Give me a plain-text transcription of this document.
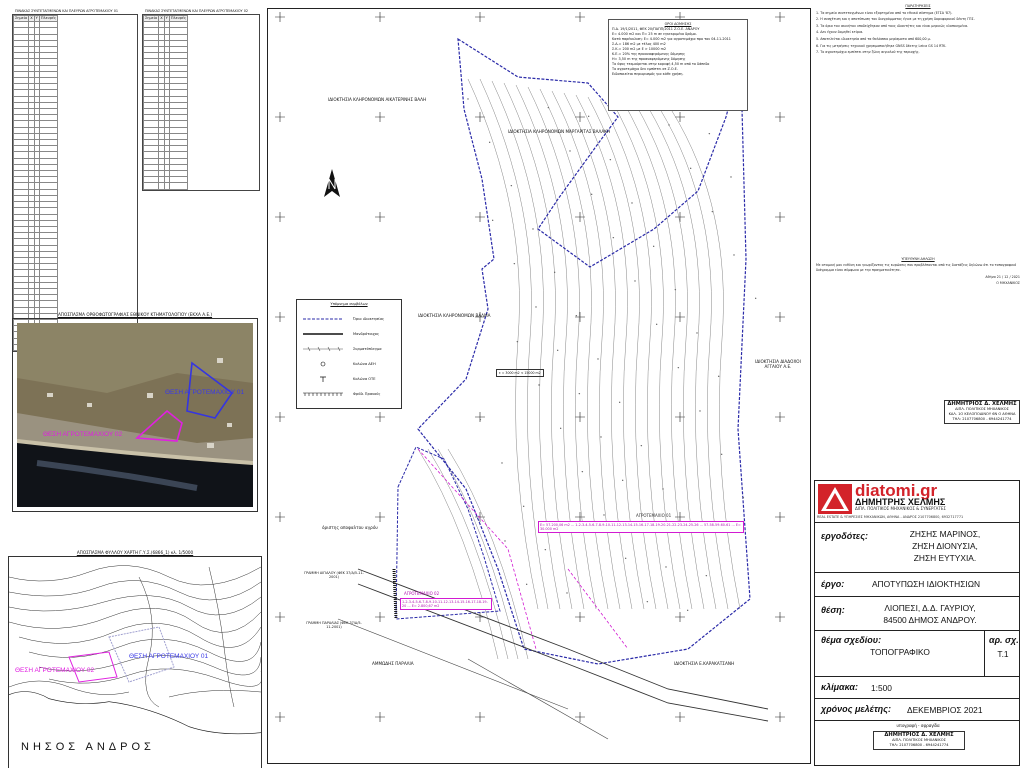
ΠΙΝΑΚΑΣ ΣΥΝΤΕΤΑΓΜΕΝΩΝ ΚΑΙ ΠΛΕΥΡΩΝ ΑΓΡΟΤΕΜΑΧΙΟΥ 01
Σημείο	X	Y	Πλευρές

ΠΙΝΑΚΑΣ ΣΥΝΤΕΤΑΓΜΕΝΩΝ ΚΑΙ ΠΛΕΥΡΩΝ ΑΓΡΟΤΕΜΑΧΙΟΥ 02
Σημείο	X	Y	Πλευρές

ΑΠΟΣΠΑΣΜΑ ΟΡΘΟΦΩΤΟΓΡΑΦΙΑΣ ΕΘΝΙΚΟΥ ΚΤΗΜΑΤΟΛΟΓΙΟΥ (ΕΚΧΑ Α.Ε.)
ΘΕΣΗ ΑΓΡΟΤΕΜΑΧΙΟΥ 01
ΘΕΣΗ ΑΓΡΟΤΕΜΑΧΙΟΥ 02
ΑΠΟΣΠΑΣΜΑ ΦΥΛΛΟΥ ΧΑΡΤΗ Γ.Υ.Σ.(6866_1) κλ. 1/5000
ΘΕΣΗ ΑΓΡΟΤΕΜΑΧΙΟΥ 01
ΘΕΣΗ ΑΓΡΟΤΕΜΑΧΙΟΥ 02
ΝΗΣΟΣ ΑΝΔΡΟΣ
ΟΡΟΙ ΔΟΜΗΣΗΣ
Π.Δ. 19/1/2011, ΦΕΚ 20/ΠΑΠΠ/2011 Ζ.Ο.Ε. ΑΝΔΡΟΥ
Ε= 4.000 m2 και Π= 25 m σε εγκεκριμένο δρόμο.
Κατά παρέκκλιση: Ε= 4.000 m2 για αγροτεμάχια προ του 04-11-2011
Σ.Δ.= 186 m2 με τέλος 400 m2
Σ.Κ.= 200 m2 με Ε > 10000 m2
Κ.Ε.= 20% της προαναφερόμενης δόμησης
Η= 3,50 m της προαναφερόμενης δόμησης
Το ύψος τεκμαίρεται στην κορυφή 4,50 m από το δάπεδο
Το αγροτεμάχιο δεν εμπίπτει σε Ζ.Ο.Ε.
Ειδοποιείται περιορισμός για κάθε χρήση.
Υπόμνημα συμβόλων
Όριο ιδιοκτησίας
Μανδρότοιχος
Συρματόπλεγμα
Κολώνα ΔΕΗ
Κολώνα ΟΤΕ
Φρύδι Πρανούς
ΙΔΙΟΚΤΗΣΙΑ ΚΛΗΡΟΝΟΜΩΝ ΑΙΚΑΤΕΡΙΝΗΣ ΒΑΛΗ
ΙΔΙΟΚΤΗΣΙΑ ΚΛΗΡΟΝΟΜΩΝ ΜΑΡΓΑΡΙΤΑΣ ΒΑΛΑΚΗ
ΙΔΙΟΚΤΗΣΙΑ ΚΛΗΡΟΝΟΜΩΝ ΒΑΛΜΑ
ΙΔΙΟΚΤΗΣΙΑ ΔΙΑΔΟΧΟΙ ΑΓΓΑΙΟΥ Α.Ε.
όριστης αποφαλτου αγρόυ
ΑΜΜΩΔΗΣ ΠΑΡΑΛΙΑ	ΙΔΙΟΚΤΗΣΙΑ Ε.ΚΑΡΑΚΑΤΣΑΝΗ
ε = 3000 m2 < 15000 m2
ΑΓΡΟΤΕΜΑΧΙΟ 01
Ε= 57.200,06 m2 ... 1-2-3-4-5-6-7-8-9-10-11-12-13-14-15-16-17-18-19-20-21-22-23-24-25-26 ... 57-58-59-60-61 ... Ε= 30.000 m2
ΑΓΡΟΤΕΜΑΧΙΟ 02
1-2-3-4-5-6-7-8-9-10-11-12-13-14-15-16-17-18-19-20 ... Ε= 2.800,67 m2
ΓΡΑΜΜΗ ΑΙΓΙΑΛΟΥ (ΦΕΚ 37/Δ/5-11-2001)
ΓΡΑΜΜΗ ΠΑΡΑΛΙΑΣ (ΦΕΚ 37/Δ/5-11-2001)

ΠΑΡΑΤΗΡΗΣΕΙΣ

1. Τα σημεία συντεταγμένων είναι εξαρτημένα από το εθνικό σύστημα (ΕΓΣΑ '87).

2. Η συσχέτιση και η αποτύπωση του διαγράμματος έγινε με τη χρήση δορυφορικού δέκτη ΓΠΣ.

3. Τα όρια του ακινήτου υποδείχθηκαν από τους ιδιοκτήτες και είναι μερικώς υλοποιημένα.

4. Δεν έχουν δομηθεί κτίρια.

5. Αποτελείται ιδιοκτησία από τα θαλάσσιο μερίσματα από 600,00 μ.

6. Για τις μετρήσεις τεχνικού χρησιμοποιήθηκε GNSS δέκτης Leica GS 14 RTK.

7. Το αγροτεμάχιο εμπίπτει στην ζώνη αιγιαλού της περιοχής.

ΥΠΕΥΘΥΝΗ ΔΗΛΩΣΗ

Με ατομική μου ευθύνη και γνωρίζοντας τις κυρώσεις που προβλέπονται από τις διατάξεις δηλώνω ότι το τοπογραφικό διάγραμμα είναι σύμφωνο με την πραγματικότητα.

Αθήνα 21 / 12 / 2021

Ο ΜΗΧΑΝΙΚΟΣ

ΔΗΜΗΤΡΙΟΣ Δ. ΧΕΛΜΗΣ
ΔΙΠΛ. ΠΟΛΙΤΙΚΟΣ ΜΗΧΑΝΙΚΟΣ
ΚΑΛ. 1Ο ΚΕΛΟΠΟΔΙΝΟΥ 6Ν Ο ΑΘΗΝΑ
ΤΗΛ: 2107706800 - 6944241774
diatomi.gr
ΔΗΜΗΤΡΗΣ ΧΕΛΜΗΣ
ΔΙΠΛ. ΠΟΛΙΤΙΚΟΣ ΜΗΧΑΝΙΚΟΣ & ΣΥΝΕΡΓΑΤΕΣ
REAL ESTATE & ΥΠΗΡΕΣΙΕΣ ΜΗΧΑΝΙΚΩΝ, ΑΘΗΝΑ - ΑΝΔΡΟΣ 2107706800, 6932717771
εργοδότες:	ΖΗΣΗΣ ΜΑΡΙΝΟΣ,
ΖΗΣΗ ΔΙΟΝΥΣΙΑ,
ΖΗΣΗ ΕΥΤΥΧΙΑ.
έργο:	ΑΠΟΤΥΠΩΣΗ ΙΔΙΟΚΤΗΣΙΩΝ
θέση:	ΛΙΟΠΕΣΙ, Δ.Δ. ΓΑΥΡΙΟΥ,
84500 ΔΗΜΟΣ ΑΝΔΡΟΥ.
θέμα σχεδίου:
ΤΟΠΟΓΡΑΦΙΚΟ
αρ. σχ.
Τ.1
κλίμακα: 1:500
χρόνος μελέτης: ΔΕΚΕΜΒΡΙΟΣ 2021
υπογραφή - σφραγίδα
ΔΗΜΗΤΡΙΟΣ Δ. ΧΕΛΜΗΣ
ΔΙΠΛ. ΠΟΛΙΤΙΚΟΣ ΜΗΧΑΝΙΚΟΣ
ΤΗΛ: 2107706800 - 6944241774
